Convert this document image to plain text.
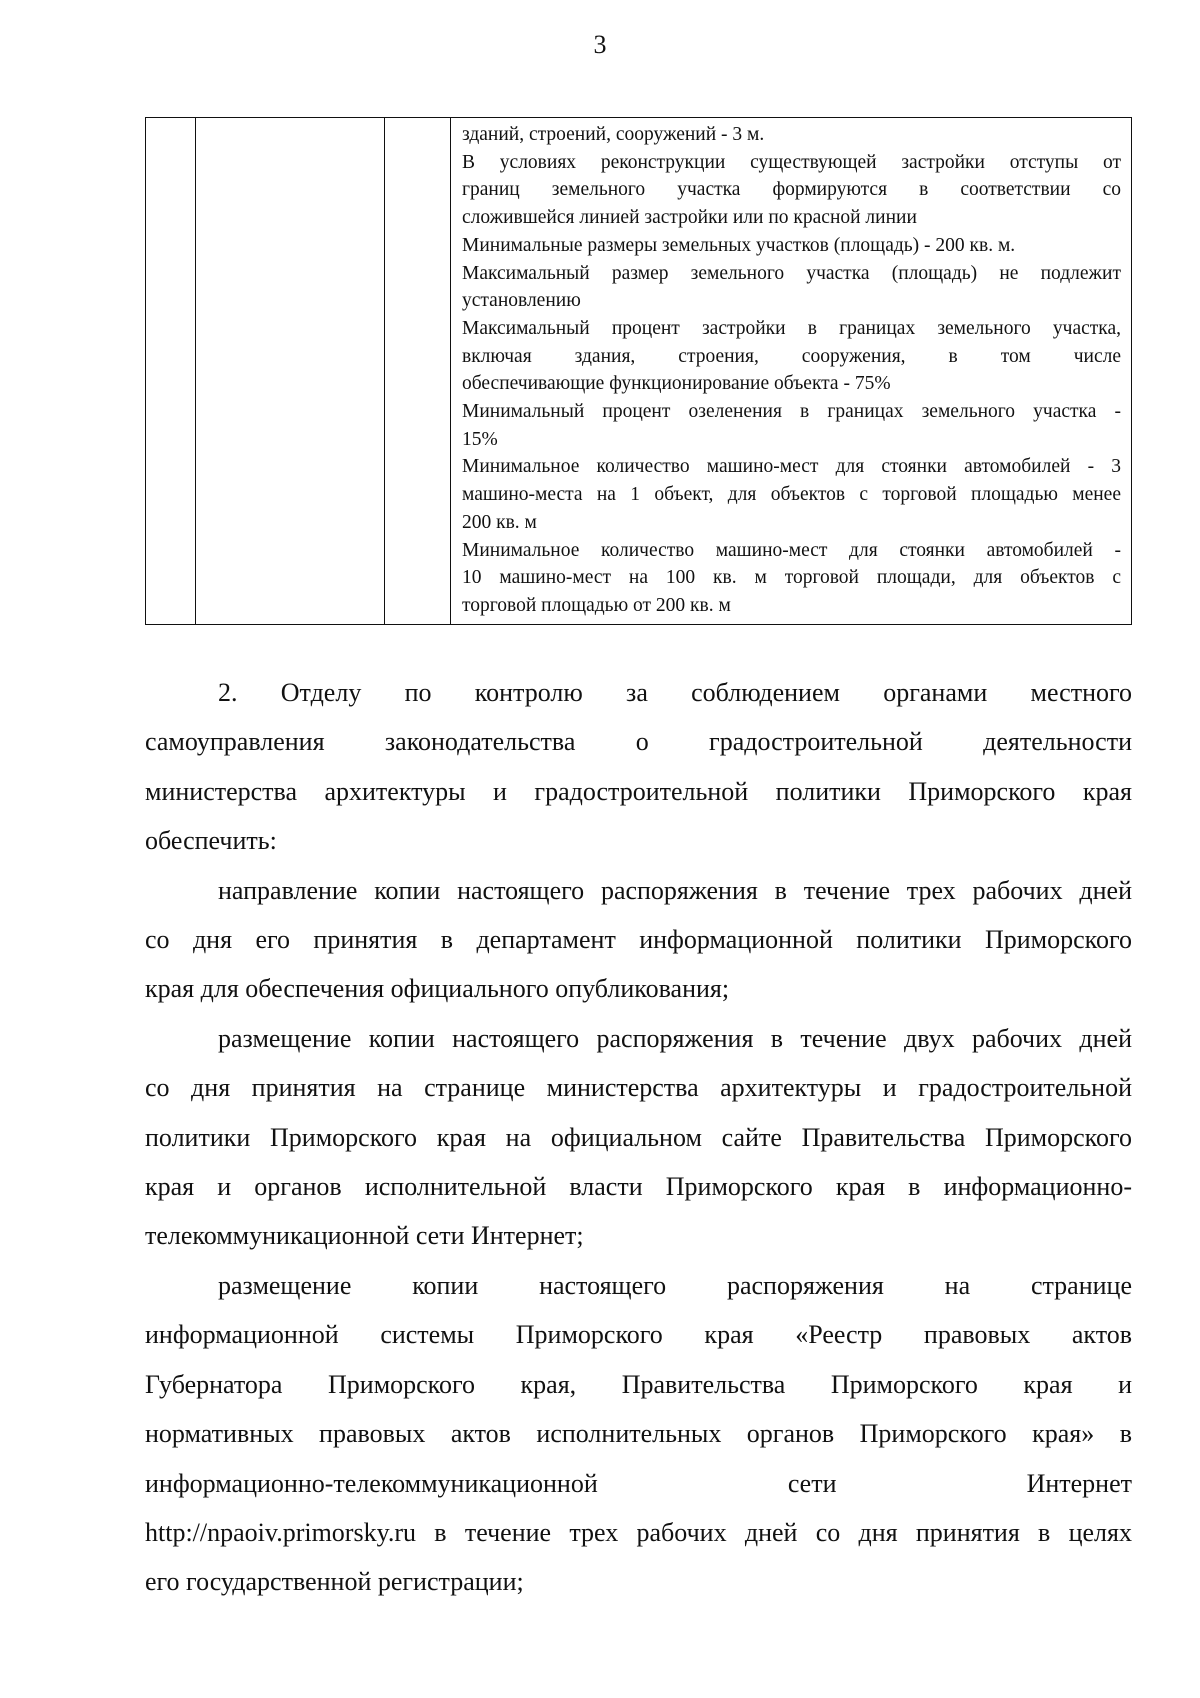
3

зданий, строений, сооружений - 3 м.
В условиях реконструкции существующей застройки отступы от
границ земельного участка формируются в соответствии со
сложившейся линией застройки или по красной линии
Минимальные размеры земельных участков (площадь) - 200 кв. м.
Максимальный размер земельного участка (площадь) не подлежит
установлению
Максимальный процент застройки в границах земельного участка,
включая здания, строения, сооружения, в том числе
обеспечивающие функционирование объекта - 75%
Минимальный процент озеленения в границах земельного участка -
15%
Минимальное количество машино-мест для стоянки автомобилей - 3
машино-места на 1 объект, для объектов с торговой площадью менее
200 кв. м
Минимальное количество машино-мест для стоянки автомобилей -
10 машино-мест на 100 кв. м торговой площади, для объектов с
торговой площадью от 200 кв. м
2. Отделу по контролю за соблюдением органами местного
самоуправления законодательства о градостроительной деятельности
министерства архитектуры и градостроительной политики Приморского края
обеспечить:
направление копии настоящего распоряжения в течение трех рабочих дней
со дня его принятия в департамент информационной политики Приморского
края для обеспечения официального опубликования;
размещение копии настоящего распоряжения в течение двух рабочих дней
со дня принятия на странице министерства архитектуры и градостроительной
политики Приморского края на официальном сайте Правительства Приморского
края и органов исполнительной власти Приморского края в информационно-
телекоммуникационной сети Интернет;
размещение копии настоящего распоряжения на странице
информационной системы Приморского края «Реестр правовых актов
Губернатора Приморского края, Правительства Приморского края и
нормативных правовых актов исполнительных органов Приморского края» в
информационно-телекоммуникационной сети Интернет
http://npaoiv.primorsky.ru в течение трех рабочих дней со дня принятия в целях
его государственной регистрации;
